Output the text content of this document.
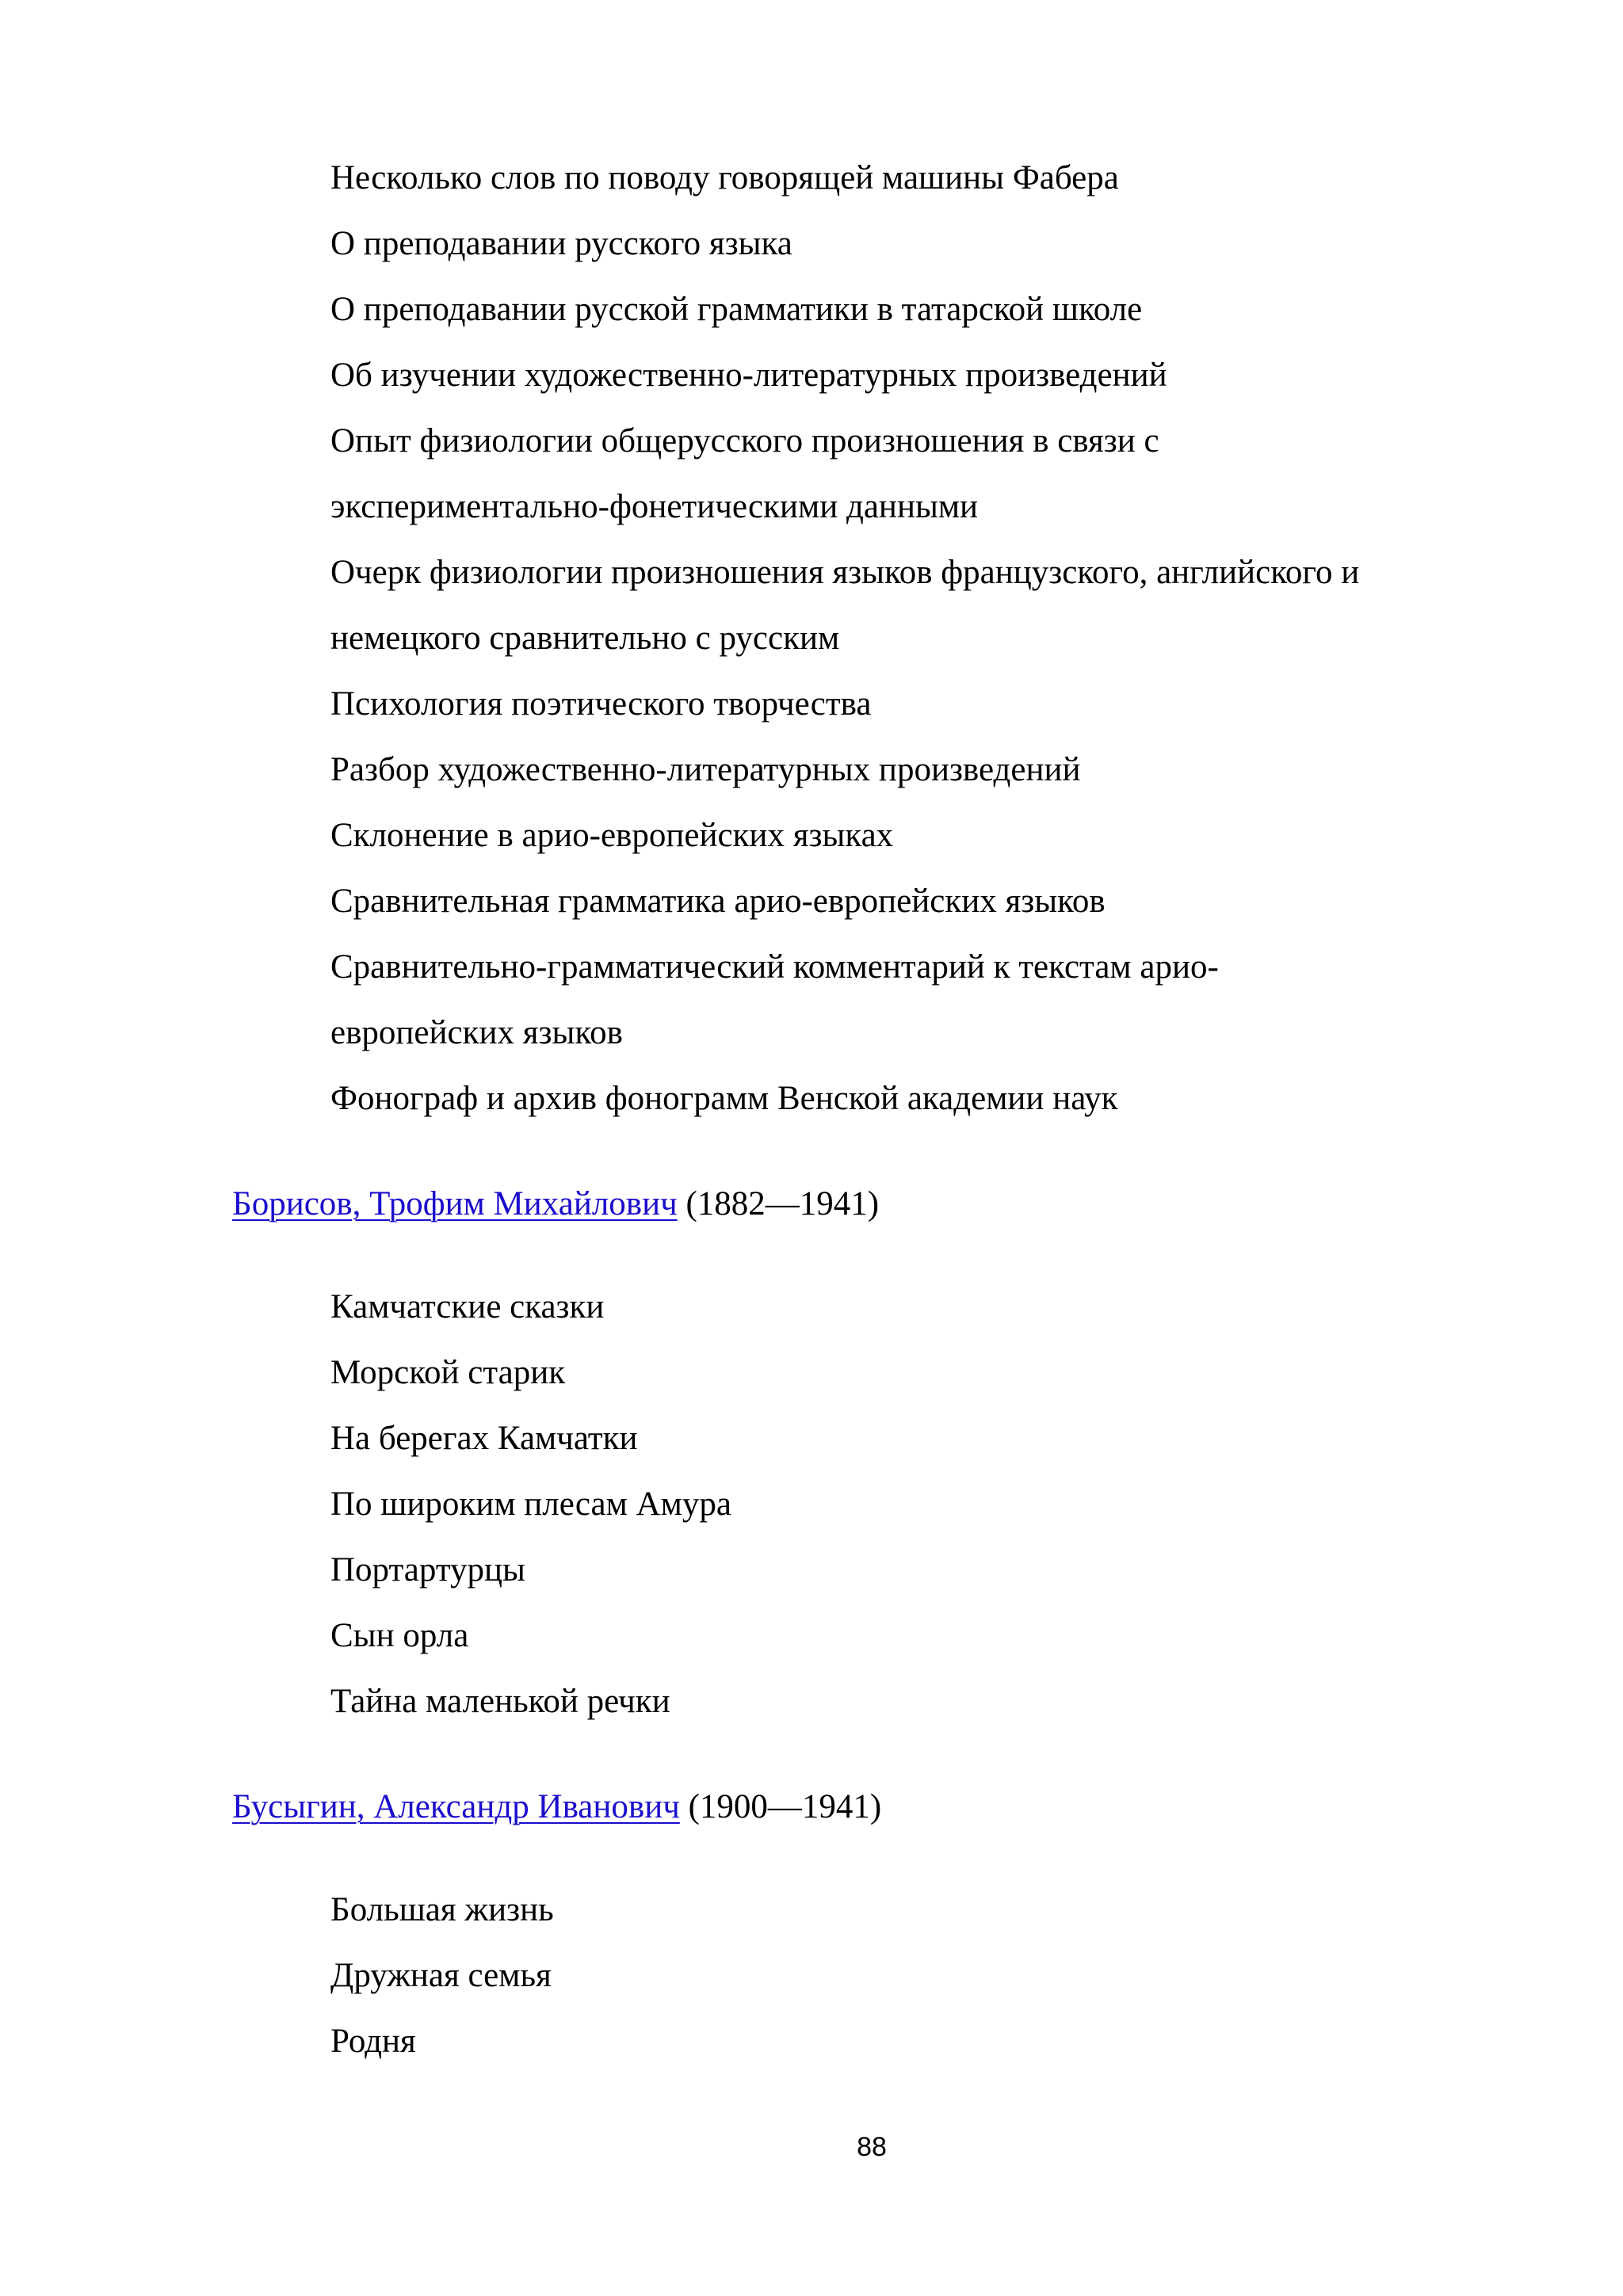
Несколько слов по поводу говорящей машины Фабера

О преподавании русского языка

О преподавании русской грамматики в татарской школе

Об изучении художественно-литературных произведений

Опыт физиологии общерусского произношения в связи с

экспериментально-фонетическими данными

Очерк физиологии произношения языков французского, английского и

немецкого сравнительно с русским

Психология поэтического творчества

Разбор художественно-литературных произведений

Склонение в арио-европейских языках

Сравнительная грамматика арио-европейских языков

Сравнительно-грамматический комментарий к текстам арио-

европейских языков

Фонограф и архив фонограмм Венской академии наук

Борисов, Трофим Михайлович (1882—1941)

Камчатские сказки

Морской старик

На берегах Камчатки

По широким плесам Амура

Портартурцы

Сын орла

Тайна маленькой речки

Бусыгин, Александр Иванович (1900—1941)

Большая жизнь

Дружная семья

Родня

88
